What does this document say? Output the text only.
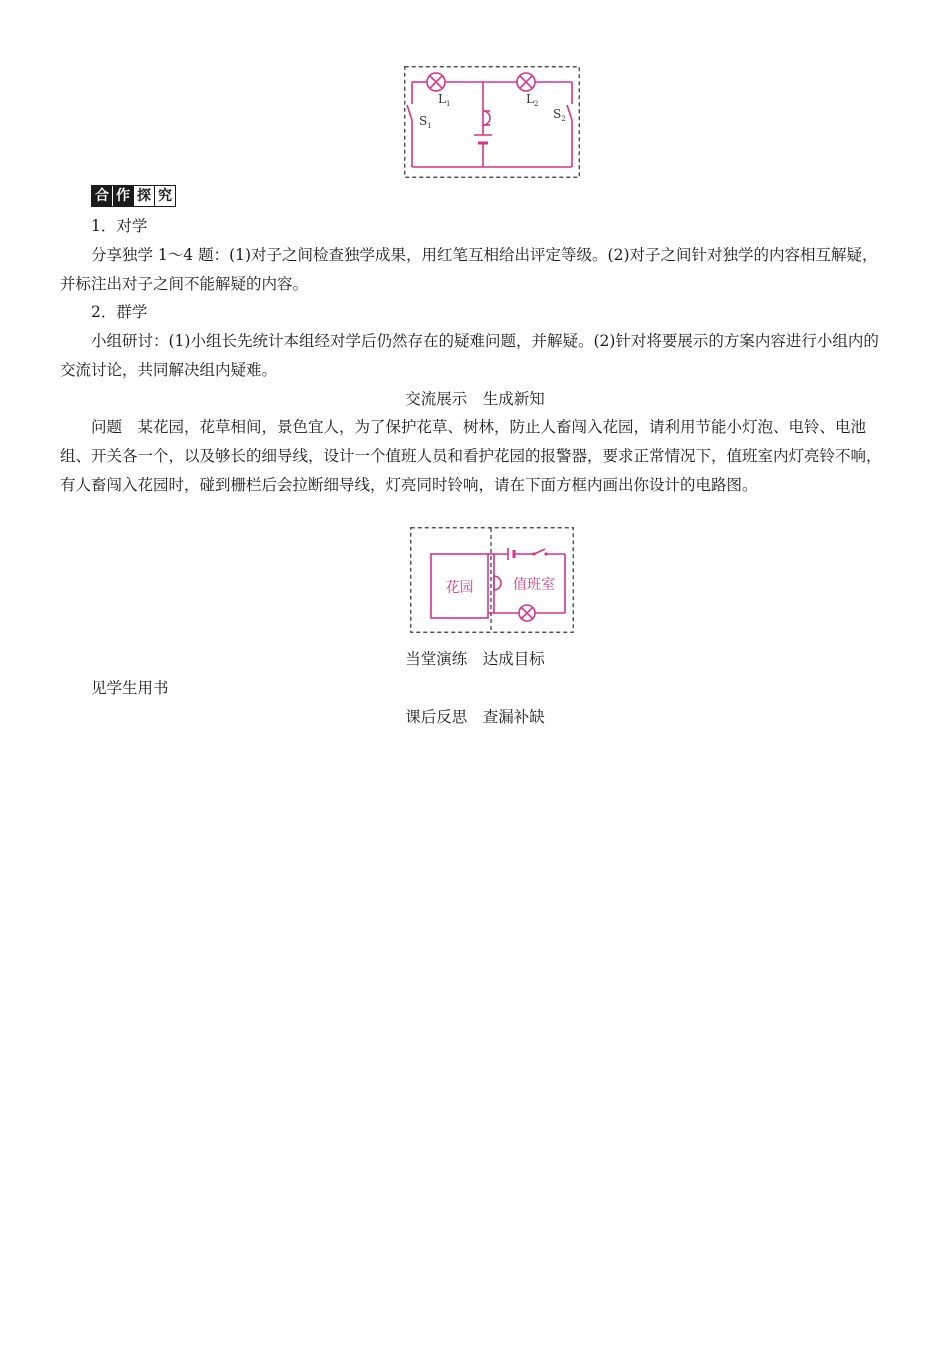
$L_1$	$L_2$
$S_1$
$S_2$
合 作 探 究
1．对学
分享独学 1～4 题：(1)对子之间检查独学成果，用红笔互相给出评定等级。(2)对子之间针对独学的内容相互解疑，并标注出对子之间不能解疑的内容。
2．群学
小组研讨：(1)小组长先统计本组经对学后仍然存在的疑难问题，并解疑。(2)针对将要展示的方案内容进行小组内的交流讨论，共同解决组内疑难。
交流展示　生成新知
问题　某花园，花草相间，景色宜人，为了保护花草、树林，防止人畜闯入花园，请利用节能小灯泡、电铃、电池组、开关各一个，以及够长的细导线，设计一个值班人员和看护花园的报警器，要求正常情况下，值班室内灯亮铃不响，有人畜闯入花园时，碰到栅栏后会拉断细导线，灯亮同时铃响，请在下面方框内画出你设计的电路图。
花园	值班室
当堂演练　达成目标
见学生用书
课后反思　查漏补缺
